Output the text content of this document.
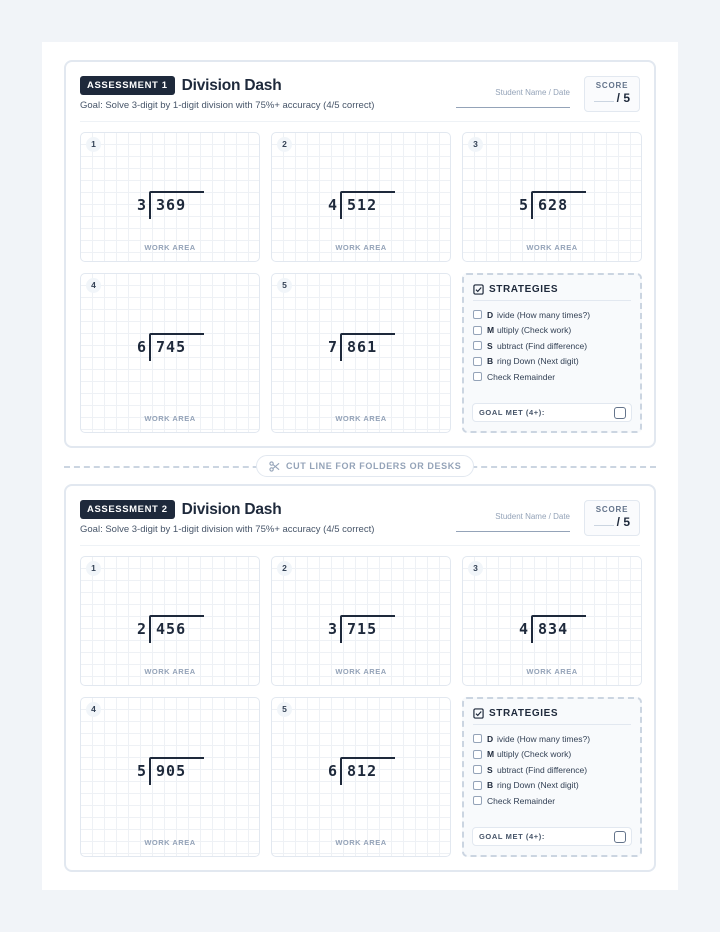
ASSESSMENT 1 Division Dash
Goal: Solve 3-digit by 1-digit division with 75%+ accuracy (4/5 correct)
Student Name / Date
SCORE
/ 5
1
3 369
WORK AREA
2
4 512
WORK AREA
3
5 628
WORK AREA
4
6 745
WORK AREA
5
7 861
WORK AREA
STRATEGIES
D ivide (How many times?)
M ultiply (Check work)
S ubtract (Find difference)
B ring Down (Next digit)
Check Remainder
GOAL MET (4+):
CUT LINE FOR FOLDERS OR DESKS
ASSESSMENT 2 Division Dash
Goal: Solve 3-digit by 1-digit division with 75%+ accuracy (4/5 correct)
Student Name / Date
SCORE
/ 5
1
2 456
WORK AREA
2
3 715
WORK AREA
3
4 834
WORK AREA
4
5 905
WORK AREA
5
6 812
WORK AREA
STRATEGIES
D ivide (How many times?)
M ultiply (Check work)
S ubtract (Find difference)
B ring Down (Next digit)
Check Remainder
GOAL MET (4+):
